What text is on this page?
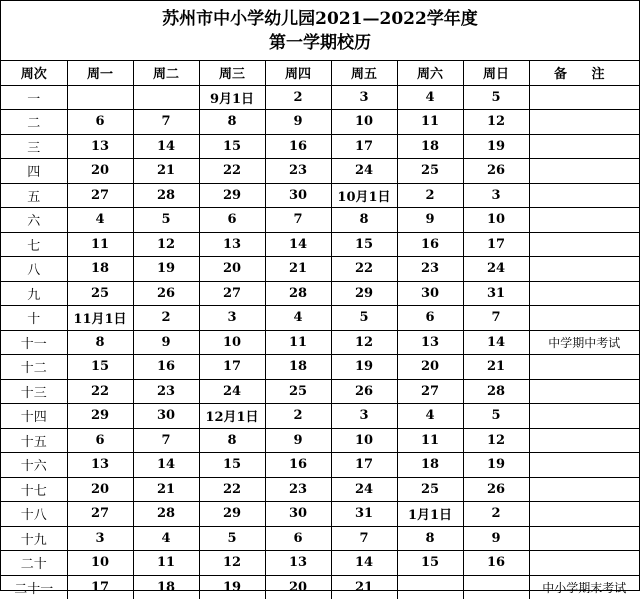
苏州市中小学幼儿园2021—2022学年度
第一学期校历
周次	周一	周二	周三	周四	周五	周六	周日	备 注
一			9月1日	2	3	4	5	
二	6	7	8	9	10	11	12	
三	13	14	15	16	17	18	19	
四	20	21	22	23	24	25	26	
五	27	28	29	30	10月1日	2	3	
六	4	5	6	7	8	9	10	
七	11	12	13	14	15	16	17	
八	18	19	20	21	22	23	24	
九	25	26	27	28	29	30	31	
十	11月1日	2	3	4	5	6	7	
十一	8	9	10	11	12	13	14	中学期中考试
十二	15	16	17	18	19	20	21	
十三	22	23	24	25	26	27	28	
十四	29	30	12月1日	2	3	4	5	
十五	6	7	8	9	10	11	12	
十六	13	14	15	16	17	18	19	
十七	20	21	22	23	24	25	26	
十八	27	28	29	30	31	1月1日	2	
十九	3	4	5	6	7	8	9	
二十	10	11	12	13	14	15	16	
二十一	17	18	19	20	21			中小学期末考试
